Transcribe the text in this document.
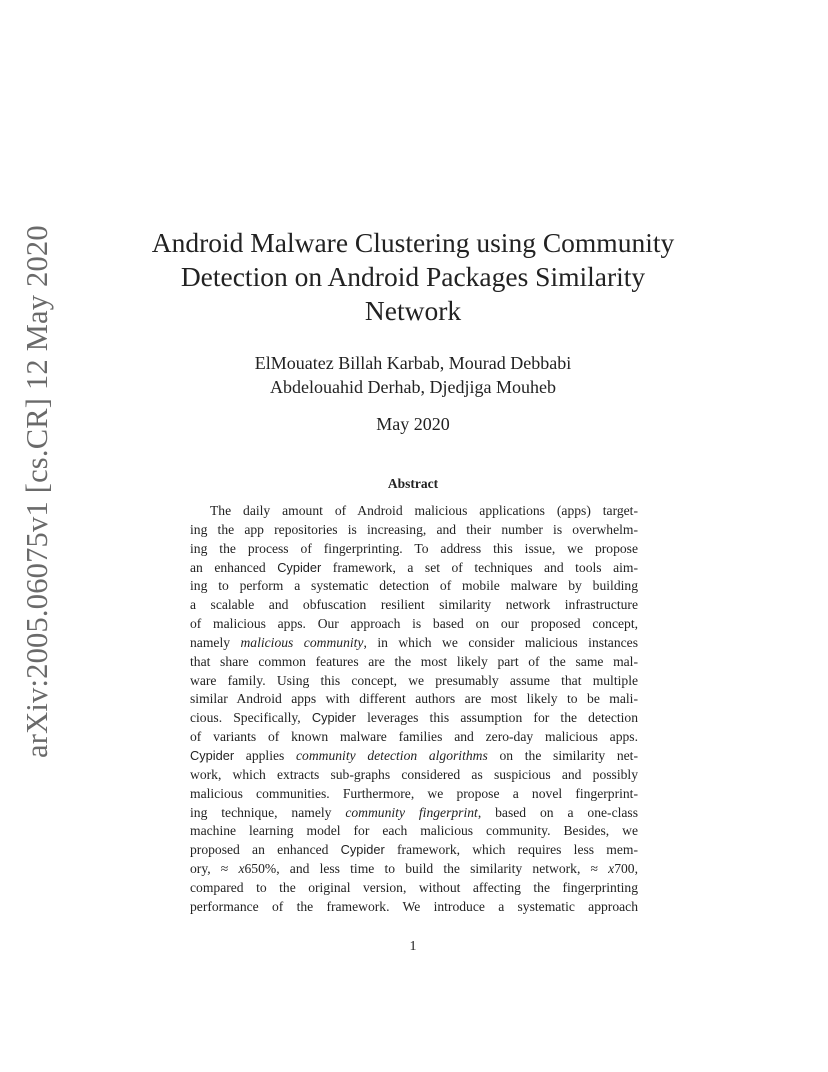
arXiv:2005.06075v1 [cs.CR] 12 May 2020	Android Malware Clustering using Community
Detection on Android Packages Similarity
Network
ElMouatez Billah Karbab, Mourad Debbabi
Abdelouahid Derhab, Djedjiga Mouheb
May 2020
Abstract
The daily amount of Android malicious applications (apps) target-
ing the app repositories is increasing, and their number is overwhelm-
ing the process of fingerprinting. To address this issue, we propose
an enhanced Cypider framework, a set of techniques and tools aim-
ing to perform a systematic detection of mobile malware by building
a scalable and obfuscation resilient similarity network infrastructure
of malicious apps. Our approach is based on our proposed concept,
namely malicious community, in which we consider malicious instances
that share common features are the most likely part of the same mal-
ware family. Using this concept, we presumably assume that multiple
similar Android apps with different authors are most likely to be mali-
cious. Specifically, Cypider leverages this assumption for the detection
of variants of known malware families and zero-day malicious apps.
Cypider applies community detection algorithms on the similarity net-
work, which extracts sub-graphs considered as suspicious and possibly
malicious communities. Furthermore, we propose a novel fingerprint-
ing technique, namely community fingerprint, based on a one-class
machine learning model for each malicious community. Besides, we
proposed an enhanced Cypider framework, which requires less mem-
ory, ≈ x650%, and less time to build the similarity network, ≈ x700,
compared to the original version, without affecting the fingerprinting
performance of the framework. We introduce a systematic approach
1
